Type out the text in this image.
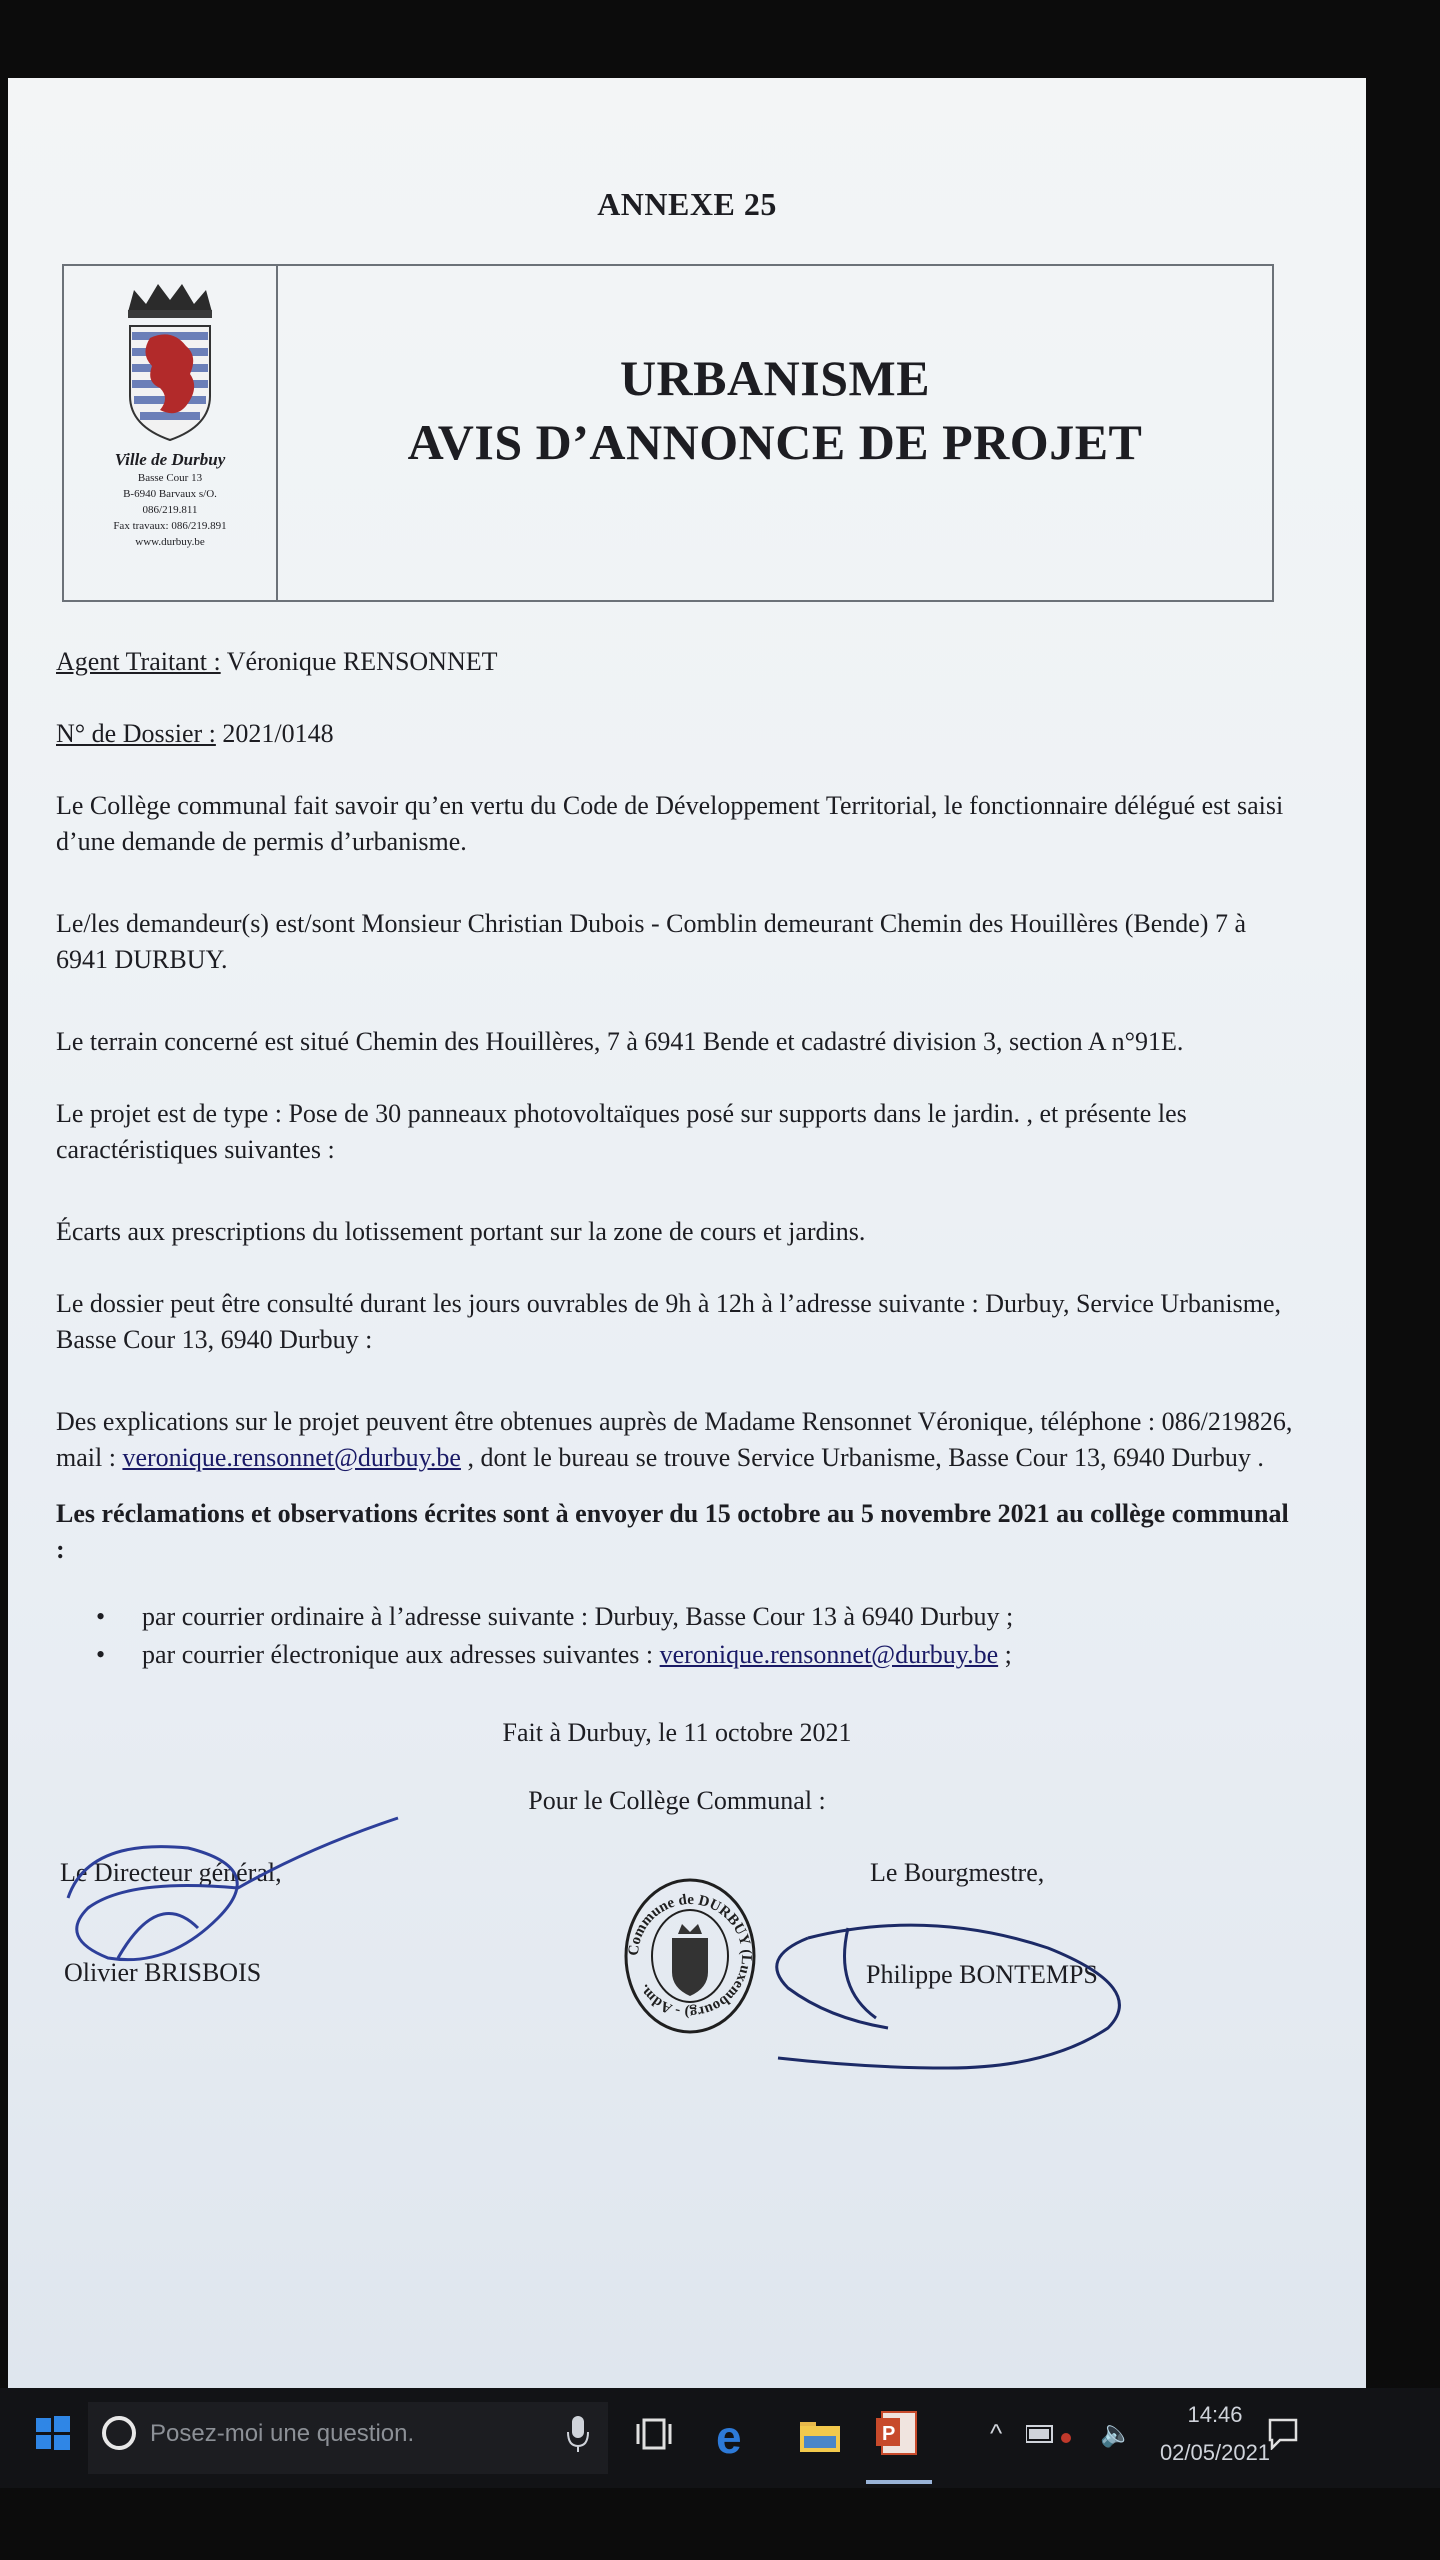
ANNEXE 25
Ville de Durbuy
Basse Cour 13
B-6940 Barvaux s/O.
086/219.811
Fax travaux: 086/219.891
www.durbuy.be
URBANISME
AVIS D’ANNONCE DE PROJET

Agent Traitant : Véronique RENSONNET

N° de Dossier : 2021/0148

Le Collège communal fait savoir qu’en vertu du Code de Développement Territorial, le fonctionnaire délégué est saisi d’une demande de permis d’urbanisme.

Le/les demandeur(s) est/sont Monsieur Christian Dubois - Comblin demeurant Chemin des Houillères (Bende) 7 à 6941 DURBUY.

Le terrain concerné est situé Chemin des Houillères, 7 à 6941 Bende et cadastré division 3, section A n°91E.

Le projet est de type : Pose de 30 panneaux photovoltaïques posé sur supports dans le jardin. , et présente les caractéristiques suivantes :

Écarts aux prescriptions du lotissement portant sur la zone de cours et jardins.

Le dossier peut être consulté durant les jours ouvrables de 9h à 12h à l’adresse suivante : Durbuy, Service Urbanisme, Basse Cour 13, 6940 Durbuy :

Des explications sur le projet peuvent être obtenues auprès de Madame Rensonnet Véronique, téléphone : 086/219826, mail : veronique.rensonnet@durbuy.be , dont le bureau se trouve Service Urbanisme, Basse Cour 13, 6940 Durbuy .

Les réclamations et observations écrites sont à envoyer du 15 octobre au 5 novembre 2021 au collège communal :

• par courrier ordinaire à l’adresse suivante : Durbuy, Basse Cour 13 à 6940 Durbuy ;
• par courrier électronique aux adresses suivantes : veronique.rensonnet@durbuy.be ;
Fait à Durbuy, le 11 octobre 2021
Pour le Collège Communal :
Le Directeur général,
Olivier BRISBOIS
Le Bourgmestre,
Philippe BONTEMPS
Commune de DURBUY (Luxembourg) - Adm.
Posez-moi une question.	e	P	^	🔈
14:46
02/05/2021
